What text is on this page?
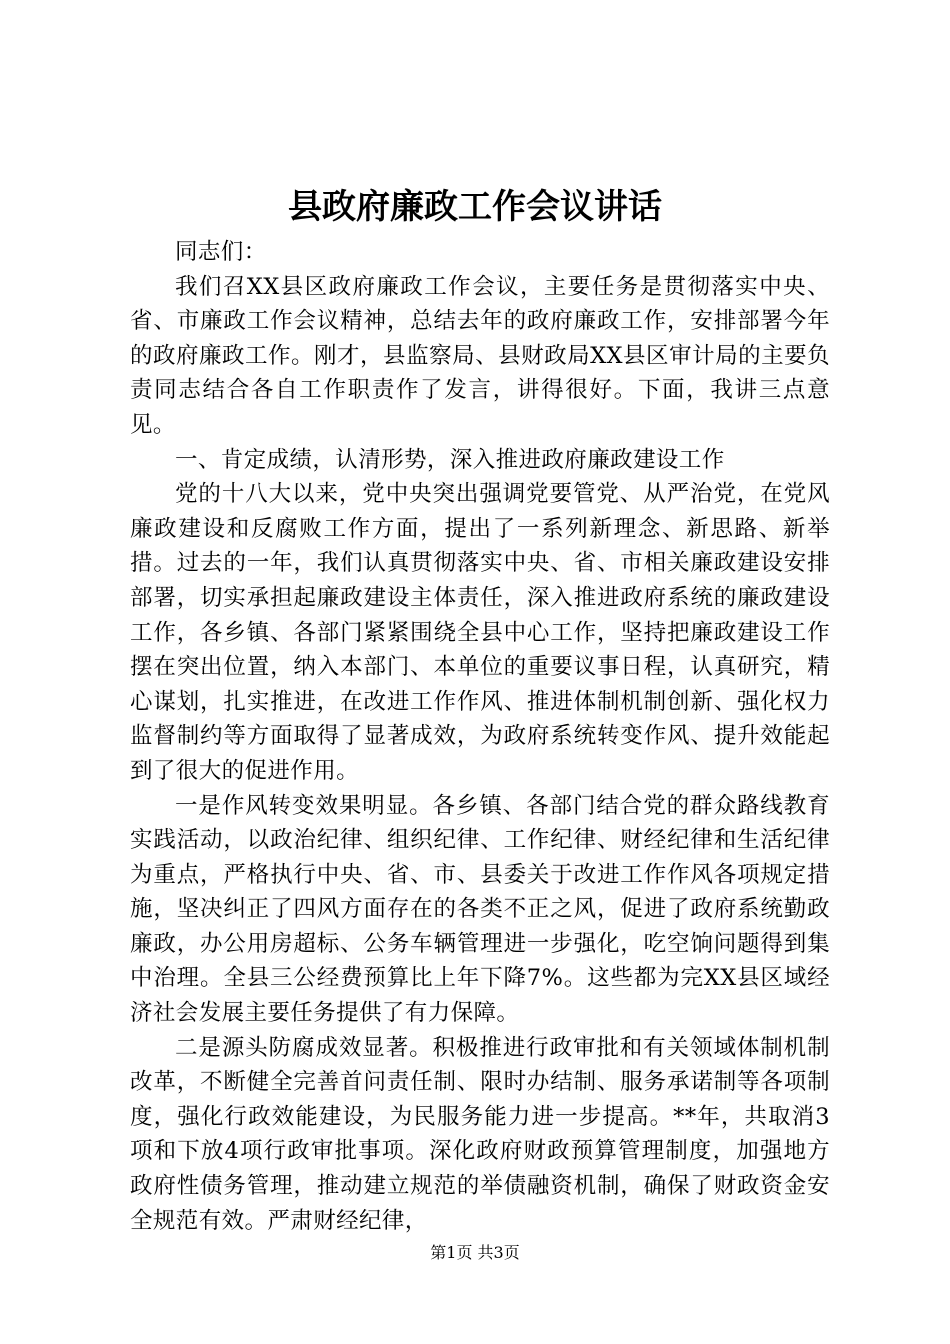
县政府廉政工作会议讲话

同志们：

我们召XX县区政府廉政工作会议，主要任务是贯彻落实中央、省、市廉政工作会议精神，总结去年的政府廉政工作，安排部署今年的政府廉政工作。刚才，县监察局、县财政局XX县区审计局的主要负责同志结合各自工作职责作了发言，讲得很好。下面，我讲三点意见。

一、肯定成绩，认清形势，深入推进政府廉政建设工作

党的十八大以来，党中央突出强调党要管党、从严治党，在党风廉政建设和反腐败工作方面，提出了一系列新理念、新思路、新举措。过去的一年，我们认真贯彻落实中央、省、市相关廉政建设安排部署，切实承担起廉政建设主体责任，深入推进政府系统的廉政建设工作，各乡镇、各部门紧紧围绕全县中心工作，坚持把廉政建设工作摆在突出位置，纳入本部门、本单位的重要议事日程，认真研究，精心谋划，扎实推进，在改进工作作风、推进体制机制创新、强化权力监督制约等方面取得了显著成效，为政府系统转变作风、提升效能起到了很大的促进作用。

一是作风转变效果明显。各乡镇、各部门结合党的群众路线教育实践活动，以政治纪律、组织纪律、工作纪律、财经纪律和生活纪律为重点，严格执行中央、省、市、县委关于改进工作作风各项规定措施，坚决纠正了四风方面存在的各类不正之风，促进了政府系统勤政廉政，办公用房超标、公务车辆管理进一步强化，吃空饷问题得到集中治理。全县三公经费预算比上年下降7%。这些都为完XX县区域经济社会发展主要任务提供了有力保障。

二是源头防腐成效显著。积极推进行政审批和有关领域体制机制改革，不断健全完善首问责任制、限时办结制、服务承诺制等各项制度，强化行政效能建设，为民服务能力进一步提高。**年，共取消3项和下放4项行政审批事项。深化政府财政预算管理制度，加强地方政府性债务管理，推动建立规范的举债融资机制，确保了财政资金安全规范有效。严肃财经纪律，

第1页 共3页
